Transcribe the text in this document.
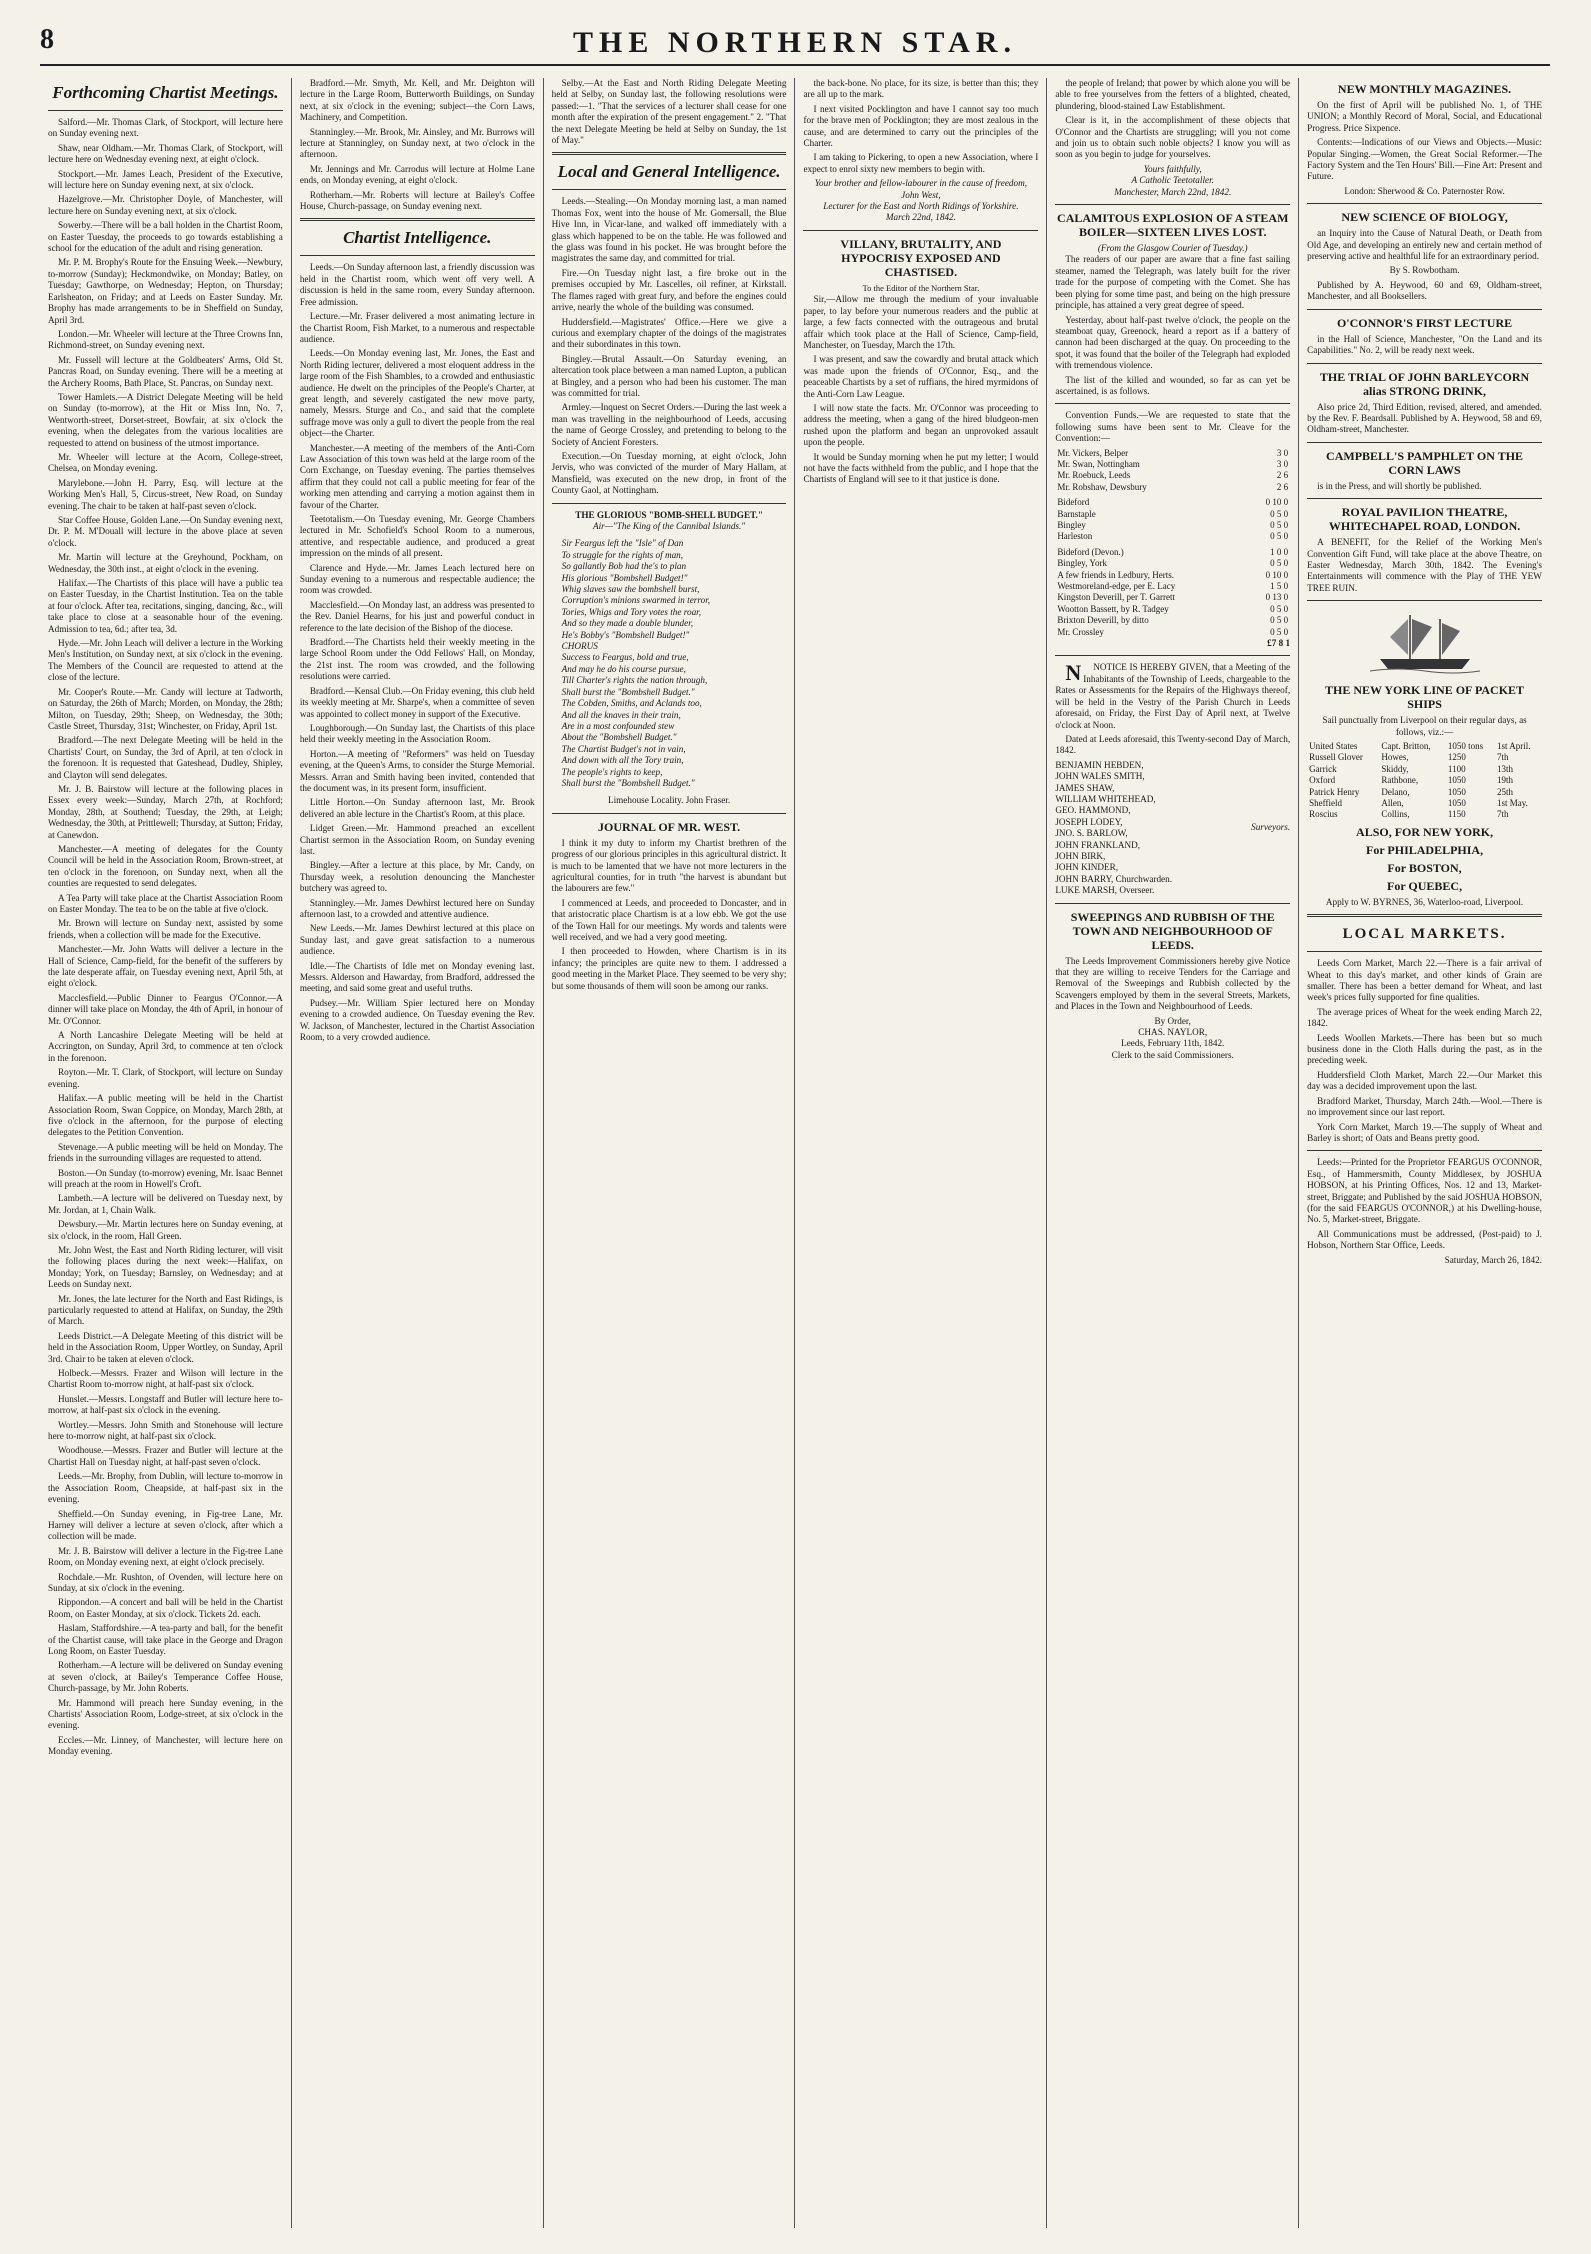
8	THE NORTHERN STAR.
Forthcoming Chartist Meetings.

Salford.—Mr. Thomas Clark, of Stockport, will lecture here on Sunday evening next.

Shaw, near Oldham.—Mr. Thomas Clark, of Stockport, will lecture here on Wednesday evening next, at eight o'clock.

Stockport.—Mr. James Leach, President of the Executive, will lecture here on Sunday evening next, at six o'clock.

Hazelgrove.—Mr. Christopher Doyle, of Manchester, will lecture here on Sunday evening next, at six o'clock.

Sowerby.—There will be a ball holden in the Chartist Room, on Easter Tuesday, the proceeds to go towards establishing a school for the education of the adult and rising generation.

Mr. P. M. Brophy's Route for the Ensuing Week.—Newbury, to-morrow (Sunday); Heckmondwike, on Monday; Batley, on Tuesday; Gawthorpe, on Wednesday; Hepton, on Thursday; Earlsheaton, on Friday; and at Leeds on Easter Sunday. Mr. Brophy has made arrangements to be in Sheffield on Sunday, April 3rd.

London.—Mr. Wheeler will lecture at the Three Crowns Inn, Richmond-street, on Sunday evening next.

Mr. Fussell will lecture at the Goldbeaters' Arms, Old St. Pancras Road, on Sunday evening. There will be a meeting at the Archery Rooms, Bath Place, St. Pancras, on Sunday next.

Tower Hamlets.—A District Delegate Meeting will be held on Sunday (to-morrow), at the Hit or Miss Inn, No. 7, Wentworth-street, Dorset-street, Bowfair, at six o'clock the evening, when the delegates from the various localities are requested to attend on business of the utmost importance.

Mr. Wheeler will lecture at the Acorn, College-street, Chelsea, on Monday evening.

Marylebone.—John H. Parry, Esq. will lecture at the Working Men's Hall, 5, Circus-street, New Road, on Sunday evening. The chair to be taken at half-past seven o'clock.

Star Coffee House, Golden Lane.—On Sunday evening next, Dr. P. M. M'Douall will lecture in the above place at seven o'clock.

Mr. Martin will lecture at the Greyhound, Pockham, on Wednesday, the 30th inst., at eight o'clock in the evening.

Halifax.—The Chartists of this place will have a public tea on Easter Tuesday, in the Chartist Institution. Tea on the table at four o'clock. After tea, recitations, singing, dancing, &c., will take place to close at a seasonable hour of the evening. Admission to tea, 6d.; after tea, 3d.

Hyde.—Mr. John Leach will deliver a lecture in the Working Men's Institution, on Sunday next, at six o'clock in the evening. The Members of the Council are requested to attend at the close of the lecture.

Mr. Cooper's Route.—Mr. Candy will lecture at Tadworth, on Saturday, the 26th of March; Morden, on Monday, the 28th; Milton, on Tuesday, 29th; Sheep, on Wednesday, the 30th; Castle Street, Thursday, 31st; Winchester, on Friday, April 1st.

Bradford.—The next Delegate Meeting will be held in the Chartists' Court, on Sunday, the 3rd of April, at ten o'clock in the forenoon. It is requested that Gateshead, Dudley, Shipley, and Clayton will send delegates.

Mr. J. B. Bairstow will lecture at the following places in Essex every week:—Sunday, March 27th, at Rochford; Monday, 28th, at Southend; Tuesday, the 29th, at Leigh; Wednesday, the 30th, at Prittlewell; Thursday, at Sutton; Friday, at Canewdon.

Manchester.—A meeting of delegates for the County Council will be held in the Association Room, Brown-street, at ten o'clock in the forenoon, on Sunday next, when all the counties are requested to send delegates.

A Tea Party will take place at the Chartist Association Room on Easter Monday. The tea to be on the table at five o'clock.

Mr. Brown will lecture on Sunday next, assisted by some friends, when a collection will be made for the Executive.

Manchester.—Mr. John Watts will deliver a lecture in the Hall of Science, Camp-field, for the benefit of the sufferers by the late desperate affair, on Tuesday evening next, April 5th, at eight o'clock.

Macclesfield.—Public Dinner to Feargus O'Connor.—A dinner will take place on Monday, the 4th of April, in honour of Mr. O'Connor.

A North Lancashire Delegate Meeting will be held at Accrington, on Sunday, April 3rd, to commence at ten o'clock in the forenoon.

Royton.—Mr. T. Clark, of Stockport, will lecture on Sunday evening.

Halifax.—A public meeting will be held in the Chartist Association Room, Swan Coppice, on Monday, March 28th, at five o'clock in the afternoon, for the purpose of electing delegates to the Petition Convention.

Stevenage.—A public meeting will be held on Monday. The friends in the surrounding villages are requested to attend.

Boston.—On Sunday (to-morrow) evening, Mr. Isaac Bennet will preach at the room in Howell's Croft.

Lambeth.—A lecture will be delivered on Tuesday next, by Mr. Jordan, at 1, Chain Walk.

Dewsbury.—Mr. Martin lectures here on Sunday evening, at six o'clock, in the room, Hall Green.

Mr. John West, the East and North Riding lecturer, will visit the following places during the next week:—Halifax, on Monday; York, on Tuesday; Barnsley, on Wednesday; and at Leeds on Sunday next.

Mr. Jones, the late lecturer for the North and East Ridings, is particularly requested to attend at Halifax, on Sunday, the 29th of March.

Leeds District.—A Delegate Meeting of this district will be held in the Association Room, Upper Wortley, on Sunday, April 3rd. Chair to be taken at eleven o'clock.

Holbeck.—Messrs. Frazer and Wilson will lecture in the Chartist Room to-morrow night, at half-past six o'clock.

Hunslet.—Messrs. Longstaff and Butler will lecture here to-morrow, at half-past six o'clock in the evening.

Wortley.—Messrs. John Smith and Stonehouse will lecture here to-morrow night, at half-past six o'clock.

Woodhouse.—Messrs. Frazer and Butler will lecture at the Chartist Hall on Tuesday night, at half-past seven o'clock.

Leeds.—Mr. Brophy, from Dublin, will lecture to-morrow in the Association Room, Cheapside, at half-past six in the evening.

Sheffield.—On Sunday evening, in Fig-tree Lane, Mr. Harney will deliver a lecture at seven o'clock, after which a collection will be made.

Mr. J. B. Bairstow will deliver a lecture in the Fig-tree Lane Room, on Monday evening next, at eight o'clock precisely.

Rochdale.—Mr. Rushton, of Ovenden, will lecture here on Sunday, at six o'clock in the evening.

Rippondon.—A concert and ball will be held in the Chartist Room, on Easter Monday, at six o'clock. Tickets 2d. each.

Haslam, Staffordshire.—A tea-party and ball, for the benefit of the Chartist cause, will take place in the George and Dragon Long Room, on Easter Tuesday.

Rotherham.—A lecture will be delivered on Sunday evening at seven o'clock, at Bailey's Temperance Coffee House, Church-passage, by Mr. John Roberts.

Mr. Hammond will preach here Sunday evening, in the Chartists' Association Room, Lodge-street, at six o'clock in the evening.

Eccles.—Mr. Linney, of Manchester, will lecture here on Monday evening.

Bradford.—Mr. Smyth, Mr. Kell, and Mr. Deighton will lecture in the Large Room, Butterworth Buildings, on Sunday next, at six o'clock in the evening; subject—the Corn Laws, Machinery, and Competition.

Stanningley.—Mr. Brook, Mr. Ainsley, and Mr. Burrows will lecture at Stanningley, on Sunday next, at two o'clock in the afternoon.

Mr. Jennings and Mr. Carrodus will lecture at Holme Lane ends, on Monday evening, at eight o'clock.

Rotherham.—Mr. Roberts will lecture at Bailey's Coffee House, Church-passage, on Sunday evening next.

Chartist Intelligence.

Leeds.—On Sunday afternoon last, a friendly discussion was held in the Chartist room, which went off very well. A discussion is held in the same room, every Sunday afternoon. Free admission.

Lecture.—Mr. Fraser delivered a most animating lecture in the Chartist Room, Fish Market, to a numerous and respectable audience.

Leeds.—On Monday evening last, Mr. Jones, the East and North Riding lecturer, delivered a most eloquent address in the large room of the Fish Shambles, to a crowded and enthusiastic audience. He dwelt on the principles of the People's Charter, at great length, and severely castigated the new move party, namely, Messrs. Sturge and Co., and said that the complete suffrage move was only a gull to divert the people from the real object—the Charter.

Manchester.—A meeting of the members of the Anti-Corn Law Association of this town was held at the large room of the Corn Exchange, on Tuesday evening. The parties themselves affirm that they could not call a public meeting for fear of the working men attending and carrying a motion against them in favour of the Charter.

Teetotalism.—On Tuesday evening, Mr. George Chambers lectured in Mr. Schofield's School Room to a numerous, attentive, and respectable audience, and produced a great impression on the minds of all present.

Clarence and Hyde.—Mr. James Leach lectured here on Sunday evening to a numerous and respectable audience; the room was crowded.

Macclesfield.—On Monday last, an address was presented to the Rev. Daniel Hearns, for his just and powerful conduct in reference to the late decision of the Bishop of the diocese.

Bradford.—The Chartists held their weekly meeting in the large School Room under the Odd Fellows' Hall, on Monday, the 21st inst. The room was crowded, and the following resolutions were carried.

Bradford.—Kensal Club.—On Friday evening, this club held its weekly meeting at Mr. Sharpe's, when a committee of seven was appointed to collect money in support of the Executive.

Loughborough.—On Sunday last, the Chartists of this place held their weekly meeting in the Association Room.

Horton.—A meeting of "Reformers" was held on Tuesday evening, at the Queen's Arms, to consider the Sturge Memorial. Messrs. Arran and Smith having been invited, contended that the document was, in its present form, insufficient.

Little Horton.—On Sunday afternoon last, Mr. Brook delivered an able lecture in the Chartist's Room, at this place.

Lidget Green.—Mr. Hammond preached an excellent Chartist sermon in the Association Room, on Sunday evening last.

Bingley.—After a lecture at this place, by Mr. Candy, on Thursday week, a resolution denouncing the Manchester butchery was agreed to.

Stanningley.—Mr. James Dewhirst lectured here on Sunday afternoon last, to a crowded and attentive audience.

New Leeds.—Mr. James Dewhirst lectured at this place on Sunday last, and gave great satisfaction to a numerous audience.

Idle.—The Chartists of Idle met on Monday evening last. Messrs. Alderson and Hawarday, from Bradford, addressed the meeting, and said some great and useful truths.

Pudsey.—Mr. William Spier lectured here on Monday evening to a crowded audience. On Tuesday evening the Rev. W. Jackson, of Manchester, lectured in the Chartist Association Room, to a very crowded audience.

Selby.—At the East and North Riding Delegate Meeting held at Selby, on Sunday last, the following resolutions were passed:—1. "That the services of a lecturer shall cease for one month after the expiration of the present engagement." 2. "That the next Delegate Meeting be held at Selby on Sunday, the 1st of May."

Local and General Intelligence.

Leeds.—Stealing.—On Monday morning last, a man named Thomas Fox, went into the house of Mr. Gomersall, the Blue Hive Inn, in Vicar-lane, and walked off immediately with a glass which happened to be on the table. He was followed and the glass was found in his pocket. He was brought before the magistrates the same day, and committed for trial.

Fire.—On Tuesday night last, a fire broke out in the premises occupied by Mr. Lascelles, oil refiner, at Kirkstall. The flames raged with great fury, and before the engines could arrive, nearly the whole of the building was consumed.

Huddersfield.—Magistrates' Office.—Here we give a curious and exemplary chapter of the doings of the magistrates and their subordinates in this town.

Bingley.—Brutal Assault.—On Saturday evening, an altercation took place between a man named Lupton, a publican at Bingley, and a person who had been his customer. The man was committed for trial.

Armley.—Inquest on Secret Orders.—During the last week a man was travelling in the neighbourhood of Leeds, accusing the name of George Crossley, and pretending to belong to the Society of Ancient Foresters.

Execution.—On Tuesday morning, at eight o'clock, John Jervis, who was convicted of the murder of Mary Hallam, at Mansfield, was executed on the new drop, in front of the County Gaol, at Nottingham.

THE GLORIOUS "BOMB-SHELL BUDGET."
Air—"The King of the Cannibal Islands."
Sir Feargus left the "Isle" of Dan
To struggle for the rights of man,
So gallantly Bob had the's to plan
His glorious "Bombshell Budget!"
Whig slaves saw the bombshell burst,
Corruption's minions swarmed in terror,
Tories, Whigs and Tory votes the roar,
And so they made a double blunder,
He's Bobby's "Bombshell Budget!"
CHORUS
Success to Feargus, bold and true,
And may he do his course pursue,
Till Charter's rights the nation through,
Shall burst the "Bombshell Budget."
The Cobden, Smiths, and Aclands too,
And all the knaves in their train,
Are in a most confounded stew
About the "Bombshell Budget."
The Chartist Budget's not in vain,
And down with all the Tory train,
The people's rights to keep,
Shall burst the "Bombshell Budget."
Limehouse Locality. John Fraser.
JOURNAL OF MR. WEST.

I think it my duty to inform my Chartist brethren of the progress of our glorious principles in this agricultural district. It is much to be lamented that we have not more lecturers in the agricultural counties, for in truth "the harvest is abundant but the labourers are few."

I commenced at Leeds, and proceeded to Doncaster, and in that aristocratic place Chartism is at a low ebb. We got the use of the Town Hall for our meetings. My words and talents were well received, and we had a very good meeting.

I then proceeded to Howden, where Chartism is in its infancy; the principles are quite new to them. I addressed a good meeting in the Market Place. They seemed to be very shy; but some thousands of them will soon be among our ranks.

the back-bone. No place, for its size, is better than this; they are all up to the mark.

I next visited Pocklington and have I cannot say too much for the brave men of Pocklington; they are most zealous in the cause, and are determined to carry out the principles of the Charter.

I am taking to Pickering, to open a new Association, where I expect to enrol sixty new members to begin with.

Your brother and fellow-labourer in the cause of freedom,
John West,
Lecturer for the East and North Ridings of Yorkshire.
March 22nd, 1842.

VILLANY, BRUTALITY, AND HYPOCRISY EXPOSED AND CHASTISED.
To the Editor of the Northern Star.

Sir,—Allow me through the medium of your invaluable paper, to lay before your numerous readers and the public at large, a few facts connected with the outrageous and brutal affair which took place at the Hall of Science, Camp-field, Manchester, on Tuesday, March the 17th.

I was present, and saw the cowardly and brutal attack which was made upon the friends of O'Connor, Esq., and the peaceable Chartists by a set of ruffians, the hired myrmidons of the Anti-Corn Law League.

I will now state the facts. Mr. O'Connor was proceeding to address the meeting, when a gang of the hired bludgeon-men rushed upon the platform and began an unprovoked assault upon the people.

It would be Sunday morning when he put my letter; I would not have the facts withheld from the public, and I hope that the Chartists of England will see to it that justice is done.

the people of Ireland; that power by which alone you will be able to free yourselves from the fetters of a blighted, cheated, plundering, blood-stained Law Establishment.

Clear is it, in the accomplishment of these objects that O'Connor and the Chartists are struggling; will you not come and join us to obtain such noble objects? I know you will as soon as you begin to judge for yourselves.

Yours faithfully,
A Catholic Teetotaller.
Manchester, March 22nd, 1842.

CALAMITOUS EXPLOSION OF A STEAM BOILER—SIXTEEN LIVES LOST.
(From the Glasgow Courier of Tuesday.)

The readers of our paper are aware that a fine fast sailing steamer, named the Telegraph, was lately built for the river trade for the purpose of competing with the Comet. She has been plying for some time past, and being on the high pressure principle, has attained a very great degree of speed.

Yesterday, about half-past twelve o'clock, the people on the steamboat quay, Greenock, heard a report as if a battery of cannon had been discharged at the quay. On proceeding to the spot, it was found that the boiler of the Telegraph had exploded with tremendous violence.

The list of the killed and wounded, so far as can yet be ascertained, is as follows.

Convention Funds.—We are requested to state that the following sums have been sent to Mr. Cleave for the Convention:—

Mr. Vickers, Belper	3 0
Mr. Swan, Nottingham	3 0
Mr. Roebuck, Leeds	2 6
Mr. Robshaw, Dewsbury	2 6
Bideford	0 10 0
Barnstaple	0 5 0
Bingley	0 5 0
Harleston	0 5 0
Bideford (Devon.)	1 0 0
Bingley, York	0 5 0
A few friends in Ledbury, Herts.	0 10 0
Westmoreland-edge, per E. Lacy	1 5 0
Kingston Deverill, per T. Garrett	0 13 0
Wootton Bassett, by R. Tadgey	0 5 0
Brixton Deverill, by ditto	0 5 0
Mr. Crossley	0 5 0
£7 8 1

N NOTICE IS HEREBY GIVEN, that a Meeting of the Inhabitants of the Township of Leeds, chargeable to the Rates or Assessments for the Repairs of the Highways thereof, will be held in the Vestry of the Parish Church in Leeds aforesaid, on Friday, the First Day of April next, at Twelve o'clock at Noon.

Dated at Leeds aforesaid, this Twenty-second Day of March, 1842.

BENJAMIN HEBDEN,
JOHN WALES SMITH,
JAMES SHAW,
WILLIAM WHITEHEAD,
GEO. HAMMOND,
JOSEPH LODEY,
JNO. S. BARLOW,
JOHN FRANKLAND,
JOHN BIRK,
JOHN KINDER,
JOHN BARRY, Churchwarden.
LUKE MARSH, Overseer.
Surveyors.
SWEEPINGS AND RUBBISH OF THE TOWN AND NEIGHBOURHOOD OF LEEDS.

The Leeds Improvement Commissioners hereby give Notice that they are willing to receive Tenders for the Carriage and Removal of the Sweepings and Rubbish collected by the Scavengers employed by them in the several Streets, Markets, and Places in the Town and Neighbourhood of Leeds.

By Order,
CHAS. NAYLOR,
Leeds, February 11th, 1842.
Clerk to the said Commissioners.

NEW MONTHLY MAGAZINES.

On the first of April will be published No. 1, of THE UNION; a Monthly Record of Moral, Social, and Educational Progress. Price Sixpence.

Contents:—Indications of our Views and Objects.—Music: Popular Singing.—Women, the Great Social Reformer.—The Factory System and the Ten Hours' Bill.—Fine Art: Present and Future.

London: Sherwood & Co. Paternoster Row.

NEW SCIENCE OF BIOLOGY,

an Inquiry into the Cause of Natural Death, or Death from Old Age, and developing an entirely new and certain method of preserving active and healthful life for an extraordinary period.

By S. Rowbotham.

Published by A. Heywood, 60 and 69, Oldham-street, Manchester, and all Booksellers.

O'CONNOR'S FIRST LECTURE

in the Hall of Science, Manchester, "On the Land and its Capabilities." No. 2, will be ready next week.

THE TRIAL OF JOHN BARLEYCORN alias STRONG DRINK,

Also price 2d, Third Edition, revised, altered, and amended. by the Rev. F. Beardsall. Published by A. Heywood, 58 and 69, Oldham-street, Manchester.

CAMPBELL'S PAMPHLET ON THE CORN LAWS

is in the Press, and will shortly be published.

ROYAL PAVILION THEATRE, WHITECHAPEL ROAD, LONDON.

A BENEFIT, for the Relief of the Working Men's Convention Gift Fund, will take place at the above Theatre, on Easter Wednesday, March 30th, 1842. The Evening's Entertainments will commence with the Play of THE YEW TREE RUIN.

THE NEW YORK LINE OF PACKET SHIPS

Sail punctually from Liverpool on their regular days, as follows, viz.:—

United States	Capt. Britton,	1050 tons	1st April.
Russell Glover	Howes,	1250	7th
Garrick	Skiddy,	1100	13th
Oxford	Rathbone,	1050	19th
Patrick Henry	Delano,	1050	25th
Sheffield	Allen,	1050	1st May.
Roscius	Collins,	1150	7th
ALSO, FOR NEW YORK,
For PHILADELPHIA,
For BOSTON,
For QUEBEC,

Apply to W. BYRNES, 36, Waterloo-road, Liverpool.

LOCAL MARKETS.

Leeds Corn Market, March 22.—There is a fair arrival of Wheat to this day's market, and other kinds of Grain are smaller. There has been a better demand for Wheat, and last week's prices fully supported for fine qualities.

The average prices of Wheat for the week ending March 22, 1842.

Leeds Woollen Markets.—There has been but so much business done in the Cloth Halls during the past, as in the preceding week.

Huddersfield Cloth Market, March 22.—Our Market this day was a decided improvement upon the last.

Bradford Market, Thursday, March 24th.—Wool.—There is no improvement since our last report.

York Corn Market, March 19.—The supply of Wheat and Barley is short; of Oats and Beans pretty good.

Leeds:—Printed for the Proprietor FEARGUS O'CONNOR, Esq., of Hammersmith, County Middlesex, by JOSHUA HOBSON, at his Printing Offices, Nos. 12 and 13, Market-street, Briggate; and Published by the said JOSHUA HOBSON, (for the said FEARGUS O'CONNOR,) at his Dwelling-house, No. 5, Market-street, Briggate.

All Communications must be addressed, (Post-paid) to J. Hobson, Northern Star Office, Leeds.

Saturday, March 26, 1842.
